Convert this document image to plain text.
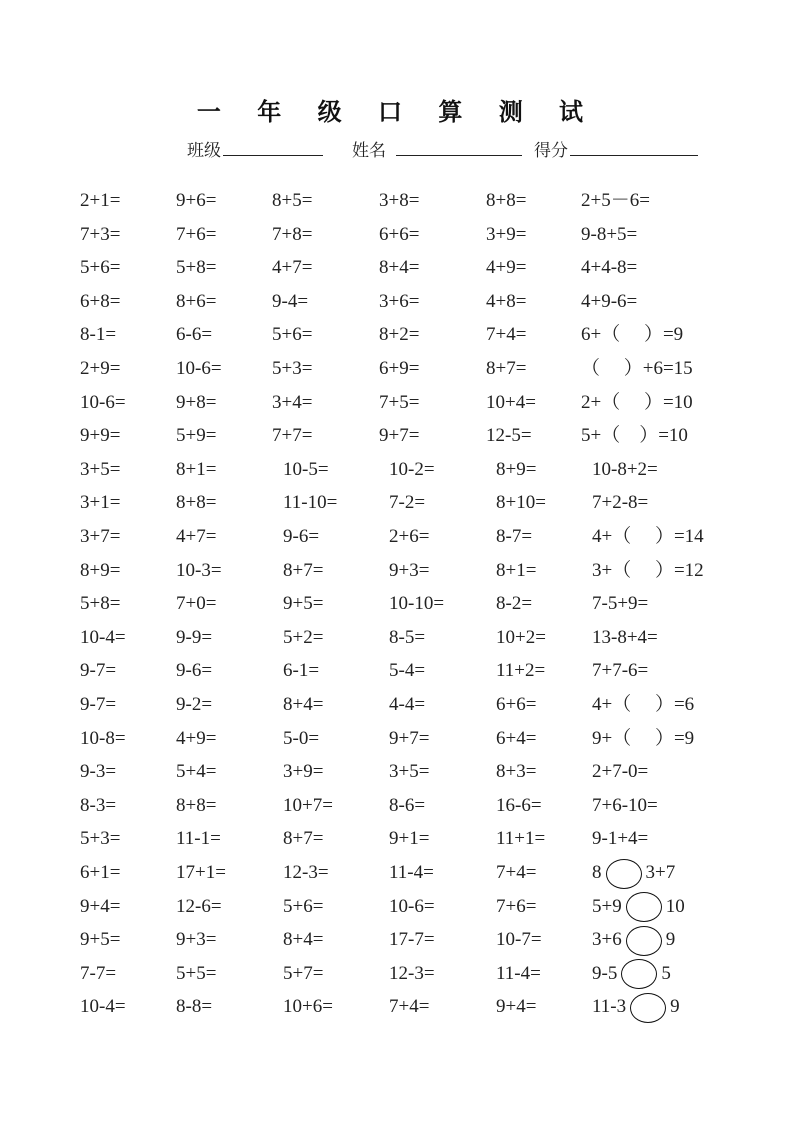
一 年 级 口 算 测 试
班级	姓名	得分
2+1=	9+6=	8+5=	3+8=	8+8=	2+5－6=
7+3=	7+6=	7+8=	6+6=	3+9=	9-8+5=
5+6=	5+8=	4+7=	8+4=	4+9=	4+4-8=
6+8=	8+6=	9-4=	3+6=	4+8=	4+9-6=
8-1=	6-6=	5+6=	8+2=	7+4=	6+（　 ）=9
2+9=	10-6=	5+3=	6+9=	8+7=	（　 ）+6=15
10-6=	9+8=	3+4=	7+5=	10+4= 2+（　 ）=10
9+9=	5+9=	7+7=	9+7=	12-5=	5+（　）=10
3+5=	8+1=	10-5=	10-2=	8+9=	10-8+2=
3+1=	8+8=	11-10=	7-2=	8+10= 7+2-8=
3+7=	4+7=	9-6=	2+6=	8-7=	4+（　 ）=14
8+9=	10-3=	8+7=	9+3=	8+1=	3+（　 ）=12
5+8=	7+0=	9+5=	10-10=	8-2=	7-5+9=
10-4=	9-9=	5+2=	8-5=	10+2= 13-8+4=
9-7=	9-6=	6-1=	5-4=	11+2= 7+7-6=
9-7=	9-2=	8+4=	4-4=	6+6=	4+（　 ）=6
10-8=	4+9=	5-0=	9+7=	6+4=	9+（　 ）=9
9-3=	5+4=	3+9=	3+5=	8+3=	2+7-0=
8-3=	8+8=	10+7=	8-6=	16-6=	7+6-10=
5+3=	11-1=	8+7=	9+1=	11+1= 9-1+4=
6+1=	17+1=	12-3=	11-4=	7+4=	8 3+7
9+4=	12-6=	5+6=	10-6=	7+6=	5+9 10
9+5=	9+3=	8+4=	17-7=	10-7=	3+6 9
7-7=	5+5=	5+7=	12-3=	11-4=	9-5 5
10-4=	8-8=	10+6=	7+4=	9+4=	11-3 9
